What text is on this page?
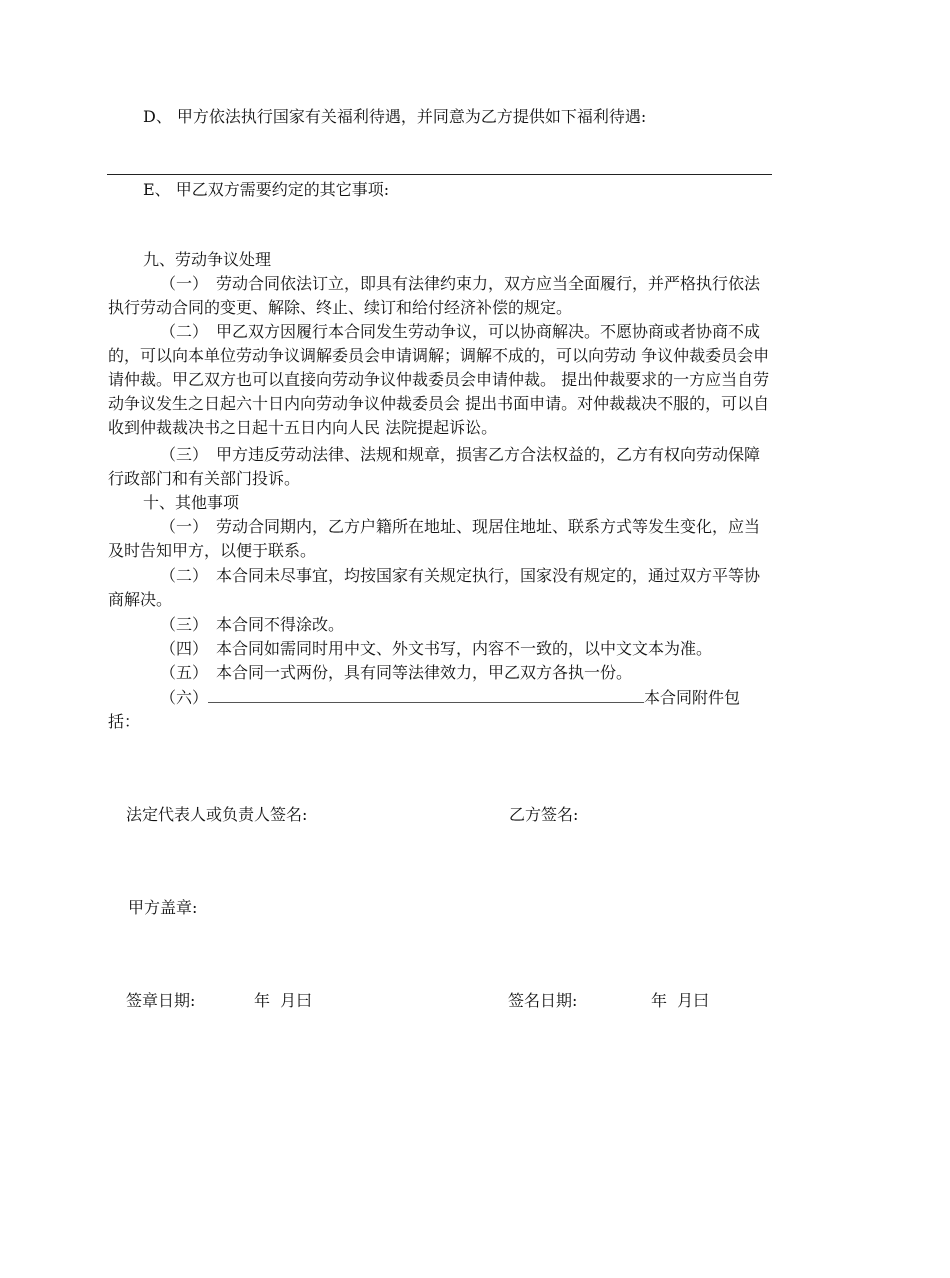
D、 甲方依法执行国家有关福利待遇，并同意为乙方提供如下福利待遇:
E、 甲乙双方需要约定的其它事项:
九、劳动争议处理
（一） 劳动合同依法订立，即具有法律约束力，双方应当全面履行，并严格执行依法执行劳动合同的变更、解除、终止、续订和给付经济补偿的规定。
（二） 甲乙双方因履行本合同发生劳动争议，可以协商解决。不愿协商或者协商不成的，可以向本单位劳动争议调解委员会申请调解；调解不成的，可以向劳动 争议仲裁委员会申请仲裁。甲乙双方也可以直接向劳动争议仲裁委员会申请仲裁。 提出仲裁要求的一方应当自劳动争议发生之日起六十日内向劳动争议仲裁委员会 提出书面申请。对仲裁裁决不服的，可以自收到仲裁裁决书之日起十五日内向人民 法院提起诉讼。
（三） 甲方违反劳动法律、法规和规章，损害乙方合法权益的，乙方有权向劳动保障行政部门和有关部门投诉。
十、其他事项
（一） 劳动合同期内，乙方户籍所在地址、现居住地址、联系方式等发生变化，应当及时告知甲方，以便于联系。
（二） 本合同未尽事宜，均按国家有关规定执行，国家没有规定的，通过双方平等协商解决。
（三） 本合同不得涂改。
（四） 本合同如需同时用中文、外文书写，内容不一致的，以中文文本为准。
（五） 本合同一式两份，具有同等法律效力，甲乙双方各执一份。
（六）	本合同附件包
括：
法定代表人或负责人签名:	乙方签名:
甲方盖章:
签章日期:	年  月曰	签名日期:	年  月曰
